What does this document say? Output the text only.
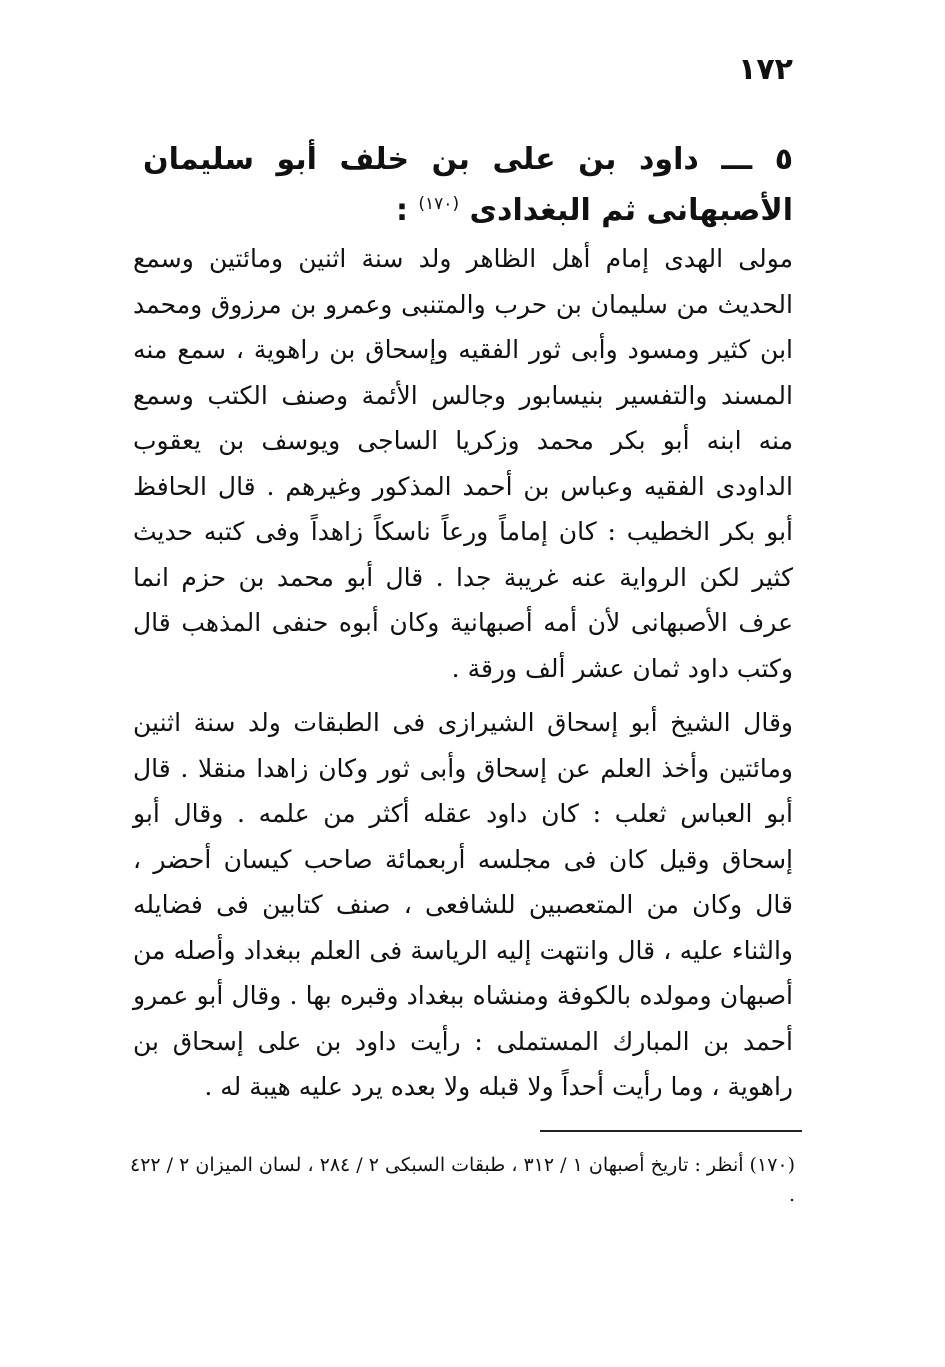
١٧٢
٥ ـــ داود بن على بن خلف أبو سليمان الأصبهانى ثم البغدادى $^{(١٧٠)}$ :

مولى الهدى إمام أهل الظاهر ولد سنة اثنين ومائتين وسمع الحديث من سليمان بن حرب والمتنبى وعمرو بن مرزوق ومحمد ابن كثير ومسود وأبى ثور الفقيه وإسحاق بن راهوية ، سمع منه المسند والتفسير بنيسابور وجالس الأئمة وصنف الكتب وسمع منه ابنه أبو بكر محمد وزكريا الساجى ويوسف بن يعقوب الداودى الفقيه وعباس بن أحمد المذكور وغيرهم . قال الحافظ أبو بكر الخطيب : كان إماماً ورعاً ناسكاً زاهداً وفى كتبه حديث كثير لكن الرواية عنه غريبة جدا . قال أبو محمد بن حزم انما عرف الأصبهانى لأن أمه أصبهانية وكان أبوه حنفى المذهب قال وكتب داود ثمان عشر ألف ورقة .

وقال الشيخ أبو إسحاق الشيرازى فى الطبقات ولد سنة اثنين ومائتين وأخذ العلم عن إسحاق وأبى ثور وكان زاهدا منقلا . قال أبو العباس ثعلب : كان داود عقله أكثر من علمه . وقال أبو إسحاق وقيل كان فى مجلسه أربعمائة صاحب كيسان أحضر ، قال وكان من المتعصبين للشافعى ، صنف كتابين فى فضايله والثناء عليه ، قال وانتهت إليه الرياسة فى العلم ببغداد وأصله من أصبهان ومولده بالكوفة ومنشاه ببغداد وقبره بها . وقال أبو عمرو أحمد بن المبارك المستملى : رأيت داود بن على إسحاق بن راهوية ، وما رأيت أحداً ولا قبله ولا بعده يرد عليه هيبة له .

(١٧٠) أنظر : تاريخ أصبهان ١ / ٣١٢ ، طبقات السبكى ٢ / ٢٨٤ ، لسان الميزان ٢ / ٤٢٢ .
